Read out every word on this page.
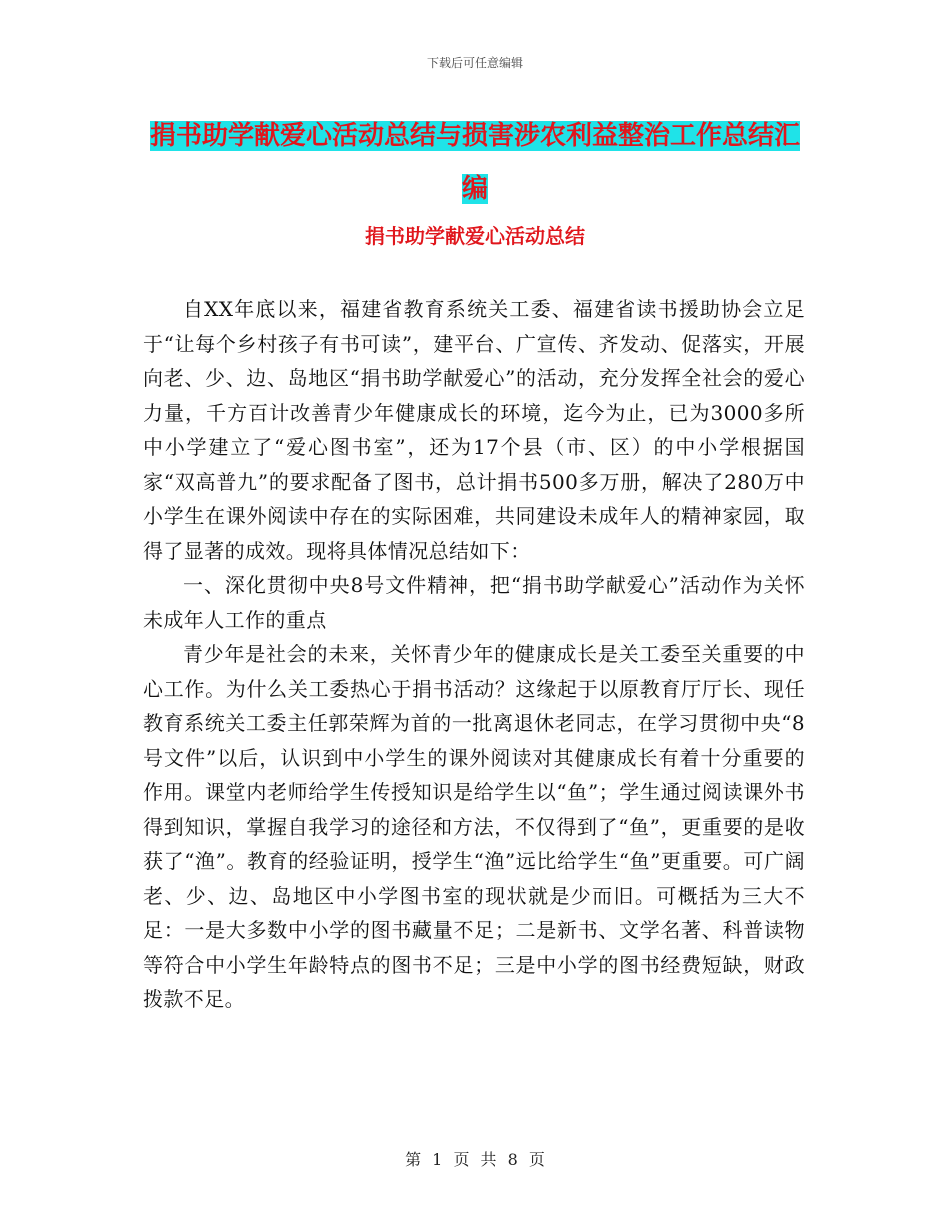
下载后可任意编辑
捐书助学献爱心活动总结与损害涉农利益整治工作总结汇编
捐书助学献爱心活动总结

自XX年底以来，福建省教育系统关工委、福建省读书援助协会立足于“让每个乡村孩子有书可读”，建平台、广宣传、齐发动、促落实，开展向老、少、边、岛地区“捐书助学献爱心”的活动，充分发挥全社会的爱心力量，千方百计改善青少年健康成长的环境，迄今为止，已为3000多所中小学建立了“爱心图书室”，还为17个县（市、区）的中小学根据国家“双高普九”的要求配备了图书，总计捐书500多万册，解决了280万中小学生在课外阅读中存在的实际困难，共同建设未成年人的精神家园，取得了显著的成效。现将具体情况总结如下：

一、深化贯彻中央8号文件精神，把“捐书助学献爱心”活动作为关怀未成年人工作的重点

青少年是社会的未来，关怀青少年的健康成长是关工委至关重要的中心工作。为什么关工委热心于捐书活动？这缘起于以原教育厅厅长、现任教育系统关工委主任郭荣辉为首的一批离退休老同志，在学习贯彻中央“8号文件”以后，认识到中小学生的课外阅读对其健康成长有着十分重要的作用。课堂内老师给学生传授知识是给学生以“鱼”；学生通过阅读课外书得到知识，掌握自我学习的途径和方法，不仅得到了“鱼”，更重要的是收获了“渔”。教育的经验证明，授学生“渔”远比给学生“鱼”更重要。可广阔老、少、边、岛地区中小学图书室的现状就是少而旧。可概括为三大不足：一是大多数中小学的图书藏量不足；二是新书、文学名著、科普读物等符合中小学生年龄特点的图书不足；三是中小学的图书经费短缺，财政拨款不足。

第 1 页 共 8 页
